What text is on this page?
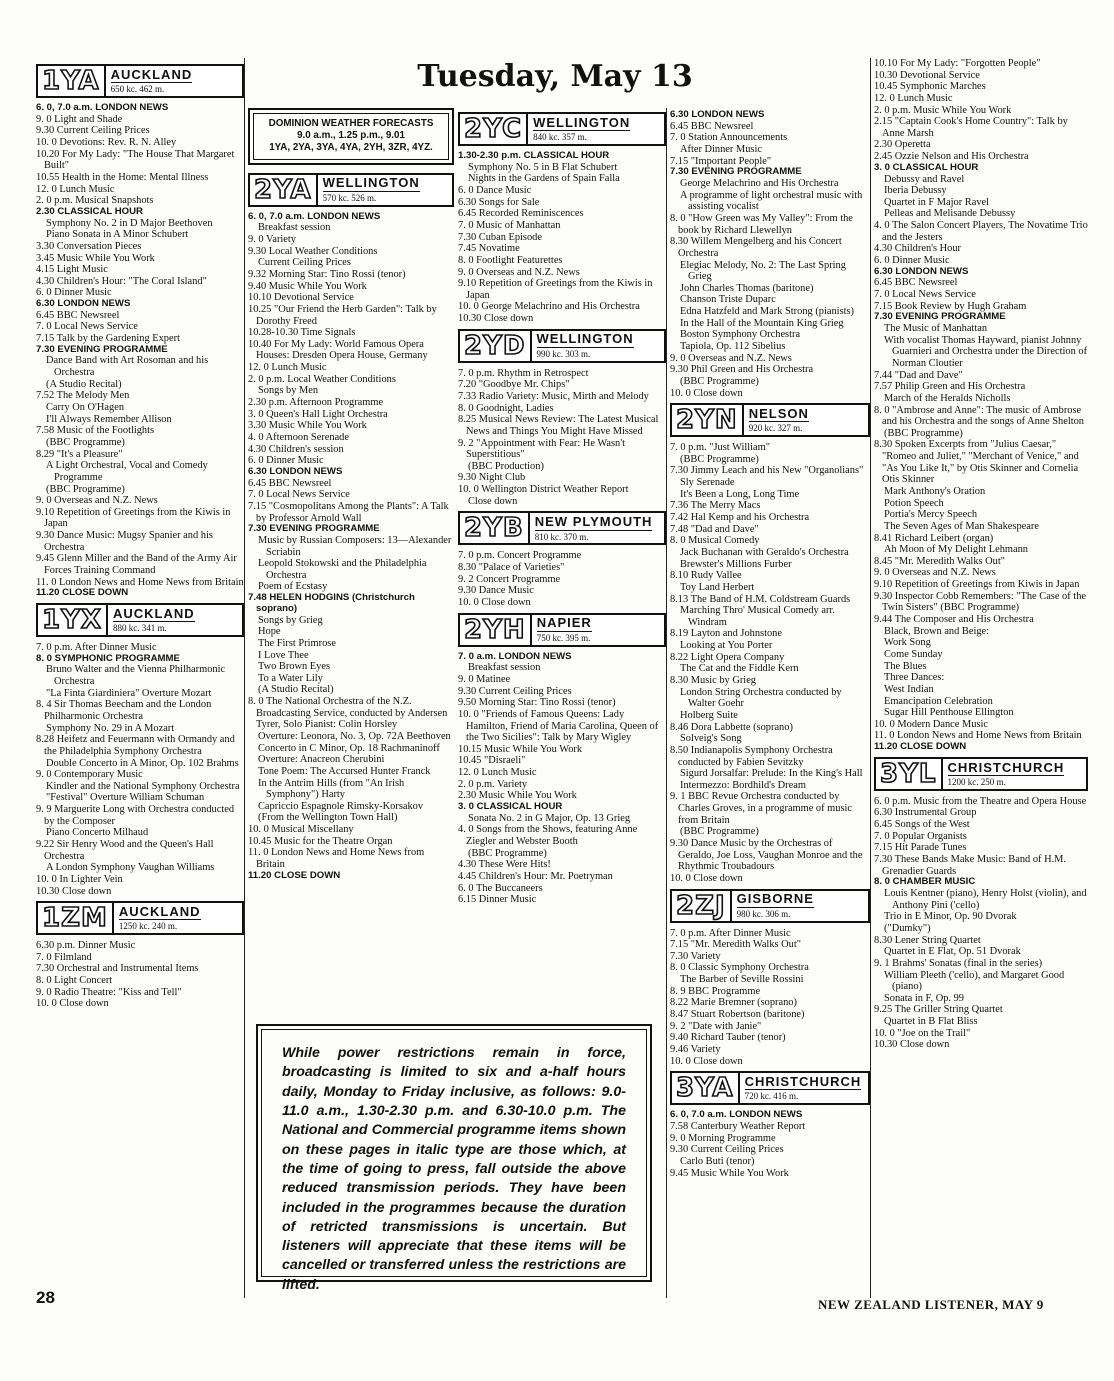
Tuesday, May 13
1YA AUCKLAND
650 kc. 462 m.

6. 0, 7.0 a.m. LONDON NEWS

9. 0 Light and Shade

9.30 Current Ceiling Prices

10. 0 Devotions: Rev. R. N. Alley

10.20 For My Lady: "The House That Margaret Built"

10.55 Health in the Home: Mental Illness

12. 0 Lunch Music

2. 0 p.m. Musical Snapshots

2.30 CLASSICAL HOUR

Symphony No. 2 in D Major Beethoven

Piano Sonata in A Minor Schubert

3.30 Conversation Pieces

3.45 Music While You Work

4.15 Light Music

4.30 Children's Hour: "The Coral Island"

6. 0 Dinner Music

6.30 LONDON NEWS

6.45 BBC Newsreel

7. 0 Local News Service

7.15 Talk by the Gardening Expert

7.30 EVENING PROGRAMME

Dance Band with Art Rosoman and his Orchestra

(A Studio Recital)

7.52 The Melody Men

Carry On O'Hagen

I'll Always Remember Allison

7.58 Music of the Footlights

(BBC Programme)

8.29 "It's a Pleasure"

A Light Orchestral, Vocal and Comedy Programme

(BBC Programme)

9. 0 Overseas and N.Z. News

9.10 Repetition of Greetings from the Kiwis in Japan

9.30 Dance Music: Mugsy Spanier and his Orchestra

9.45 Glenn Miller and the Band of the Army Air Forces Training Command

11. 0 London News and Home News from Britain

11.20 CLOSE DOWN

1YX AUCKLAND
880 kc. 341 m.

7. 0 p.m. After Dinner Music

8. 0 SYMPHONIC PROGRAMME

Bruno Walter and the Vienna Philharmonic Orchestra

"La Finta Giardiniera" Overture Mozart

8. 4 Sir Thomas Beecham and the London Philharmonic Orchestra

Symphony No. 29 in A Mozart

8.28 Heifetz and Feuermann with Ormandy and the Philadelphia Symphony Orchestra

Double Concerto in A Minor, Op. 102 Brahms

9. 0 Contemporary Music

Kindler and the National Symphony Orchestra

"Festival" Overture William Schuman

9. 9 Marguerite Long with Orchestra conducted by the Composer

Piano Concerto Milhaud

9.22 Sir Henry Wood and the Queen's Hall Orchestra

A London Symphony Vaughan Williams

10. 0 In Lighter Vein

10.30 Close down

1ZM AUCKLAND
1250 kc. 240 m.

6.30 p.m. Dinner Music

7. 0 Filmland

7.30 Orchestral and Instrumental Items

8. 0 Light Concert

9. 0 Radio Theatre: "Kiss and Tell"

10. 0 Close down

DOMINION WEATHER FORECASTS
9.0 a.m., 1.25 p.m., 9.01
1YA, 2YA, 3YA, 4YA, 2YH, 3ZR, 4YZ.
2YA WELLINGTON
570 kc. 526 m.

6. 0, 7.0 a.m. LONDON NEWS

Breakfast session

9. 0 Variety

9.30 Local Weather Conditions

Current Ceiling Prices

9.32 Morning Star: Tino Rossi (tenor)

9.40 Music While You Work

10.10 Devotional Service

10.25 "Our Friend the Herb Garden": Talk by Dorothy Freed

10.28-10.30 Time Signals

10.40 For My Lady: World Famous Opera Houses: Dresden Opera House, Germany

12. 0 Lunch Music

2. 0 p.m. Local Weather Conditions

Songs by Men

2.30 p.m. Afternoon Programme

3. 0 Queen's Hall Light Orchestra

3.30 Music While You Work

4. 0 Afternoon Serenade

4.30 Children's session

6. 0 Dinner Music

6.30 LONDON NEWS

6.45 BBC Newsreel

7. 0 Local News Service

7.15 "Cosmopolitans Among the Plants": A Talk by Professor Arnold Wall

7.30 EVENING PROGRAMME

Music by Russian Composers: 13—Alexander Scriabin

Leopold Stokowski and the Philadelphia Orchestra

Poem of Ecstasy

7.48 HELEN HODGINS (Christchurch soprano)

Songs by Grieg

Hope

The First Primrose

I Love Thee

Two Brown Eyes

To a Water Lily

(A Studio Recital)

8. 0 The National Orchestra of the N.Z. Broadcasting Service, conducted by Andersen Tyrer, Solo Pianist: Colin Horsley

Overture: Leonora, No. 3, Op. 72A Beethoven

Concerto in C Minor, Op. 18 Rachmaninoff

Overture: Anacreon Cherubini

Tone Poem: The Accursed Hunter Franck

In the Antrim Hills (from "An Irish Symphony") Harty

Capriccio Espagnole Rimsky-Korsakov

(From the Wellington Town Hall)

10. 0 Musical Miscellany

10.45 Music for the Theatre Organ

11. 0 London News and Home News from Britain

11.20 CLOSE DOWN

2YC WELLINGTON
840 kc. 357 m.

1.30-2.30 p.m. CLASSICAL HOUR

Symphony No. 5 in B Flat Schubert

Nights in the Gardens of Spain Falla

6. 0 Dance Music

6.30 Songs for Sale

6.45 Recorded Reminiscences

7. 0 Music of Manhattan

7.30 Cuban Episode

7.45 Novatime

8. 0 Footlight Featurettes

9. 0 Overseas and N.Z. News

9.10 Repetition of Greetings from the Kiwis in Japan

10. 0 George Melachrino and His Orchestra

10.30 Close down

2YD WELLINGTON
990 kc. 303 m.

7. 0 p.m. Rhythm in Retrospect

7.20 "Goodbye Mr. Chips"

7.33 Radio Variety: Music, Mirth and Melody

8. 0 Goodnight, Ladies

8.25 Musical News Review: The Latest Musical News and Things You Might Have Missed

9. 2 "Appointment with Fear: He Wasn't Superstitious"

(BBC Production)

9.30 Night Club

10. 0 Wellington District Weather Report

Close down

2YB NEW PLYMOUTH
810 kc. 370 m.

7. 0 p.m. Concert Programme

8.30 "Palace of Varieties"

9. 2 Concert Programme

9.30 Dance Music

10. 0 Close down

2YH NAPIER
750 kc. 395 m.

7. 0 a.m. LONDON NEWS

Breakfast session

9. 0 Matinee

9.30 Current Ceiling Prices

9.50 Morning Star: Tino Rossi (tenor)

10. 0 "Friends of Famous Queens: Lady Hamilton, Friend of Maria Carolina, Queen of the Two Sicilies": Talk by Mary Wigley

10.15 Music While You Work

10.45 "Disraeli"

12. 0 Lunch Music

2. 0 p.m. Variety

2.30 Music While You Work

3. 0 CLASSICAL HOUR

Sonata No. 2 in G Major, Op. 13 Grieg

4. 0 Songs from the Shows, featuring Anne Ziegler and Webster Booth

(BBC Programme)

4.30 These Were Hits!

4.45 Children's Hour: Mr. Poetryman

6. 0 The Buccaneers

6.15 Dinner Music

6.30 LONDON NEWS

6.45 BBC Newsreel

7. 0 Station Announcements

After Dinner Music

7.15 "Important People"

7.30 EVENING PROGRAMME

George Melachrino and His Orchestra

A programme of light orchestral music with assisting vocalist

8. 0 "How Green was My Valley": From the book by Richard Llewellyn

8.30 Willem Mengelberg and his Concert Orchestra

Elegiac Melody, No. 2: The Last Spring Grieg

John Charles Thomas (baritone)

Chanson Triste Duparc

Edna Hatzfeld and Mark Strong (pianists)

In the Hall of the Mountain King Grieg

Boston Symphony Orchestra

Tapiola, Op. 112 Sibelius

9. 0 Overseas and N.Z. News

9.30 Phil Green and His Orchestra

(BBC Programme)

10. 0 Close down

2YN NELSON
920 kc. 327 m.

7. 0 p.m. "Just William"

(BBC Programme)

7.30 Jimmy Leach and his New "Organolians"

Sly Serenade

It's Been a Long, Long Time

7.36 The Merry Macs

7.42 Hal Kemp and his Orchestra

7.48 "Dad and Dave"

8. 0 Musical Comedy

Jack Buchanan with Geraldo's Orchestra

Brewster's Millions Furber

8.10 Rudy Vallee

Toy Land Herbert

8.13 The Band of H.M. Coldstream Guards

Marching Thro' Musical Comedy arr. Windram

8.19 Layton and Johnstone

Looking at You Porter

8.22 Light Opera Company

The Cat and the Fiddle Kern

8.30 Music by Grieg

London String Orchestra conducted by Walter Goehr

Holberg Suite

8.46 Dora Labbette (soprano)

Solveig's Song

8.50 Indianapolis Symphony Orchestra conducted by Fabien Sevitzky

Sigurd Jorsalfar: Prelude: In the King's Hall

Intermezzo: Bordhild's Dream

9. 1 BBC Revue Orchestra conducted by Charles Groves, in a programme of music from Britain

(BBC Programme)

9.30 Dance Music by the Orchestras of Geraldo, Joe Loss, Vaughan Monroe and the Rhythmic Troubadours

10. 0 Close down

2ZJ GISBORNE
980 kc. 306 m.

7. 0 p.m. After Dinner Music

7.15 "Mr. Meredith Walks Out"

7.30 Variety

8. 0 Classic Symphony Orchestra

The Barber of Seville Rossini

8. 9 BBC Programme

8.22 Marie Bremner (soprano)

8.47 Stuart Robertson (baritone)

9. 2 "Date with Janie"

9.40 Richard Tauber (tenor)

9.46 Variety

10. 0 Close down

3YA CHRISTCHURCH
720 kc. 416 m.

6. 0, 7.0 a.m. LONDON NEWS

7.58 Canterbury Weather Report

9. 0 Morning Programme

9.30 Current Ceiling Prices

Carlo Buti (tenor)

9.45 Music While You Work

10.10 For My Lady: "Forgotten People"

10.30 Devotional Service

10.45 Symphonic Marches

12. 0 Lunch Music

2. 0 p.m. Music While You Work

2.15 "Captain Cook's Home Country": Talk by Anne Marsh

2.30 Operetta

2.45 Ozzie Nelson and His Orchestra

3. 0 CLASSICAL HOUR

Debussy and Ravel

Iberia Debussy

Quartet in F Major Ravel

Pelleas and Melisande Debussy

4. 0 The Salon Concert Players, The Novatime Trio and the Jesters

4.30 Children's Hour

6. 0 Dinner Music

6.30 LONDON NEWS

6.45 BBC Newsreel

7. 0 Local News Service

7.15 Book Review by Hugh Graham

7.30 EVENING PROGRAMME

The Music of Manhattan

With vocalist Thomas Hayward, pianist Johnny Guarnieri and Orchestra under the Direction of Norman Cloutier

7.44 "Dad and Dave"

7.57 Philip Green and His Orchestra

March of the Heralds Nicholls

8. 0 "Ambrose and Anne": The music of Ambrose and his Orchestra and the songs of Anne Shelton

(BBC Programme)

8.30 Spoken Excerpts from "Julius Caesar," "Romeo and Juliet," "Merchant of Venice," and "As You Like It," by Otis Skinner and Cornelia Otis Skinner

Mark Anthony's Oration

Potion Speech

Portia's Mercy Speech

The Seven Ages of Man Shakespeare

8.41 Richard Leibert (organ)

Ah Moon of My Delight Lehmann

8.45 "Mr. Meredith Walks Out"

9. 0 Overseas and N.Z. News

9.10 Repetition of Greetings from Kiwis in Japan

9.30 Inspector Cobb Remembers: "The Case of the Twin Sisters" (BBC Programme)

9.44 The Composer and His Orchestra

Black, Brown and Beige:

Work Song

Come Sunday

The Blues

Three Dances:

West Indian

Emancipation Celebration

Sugar Hill Penthouse Ellington

10. 0 Modern Dance Music

11. 0 London News and Home News from Britain

11.20 CLOSE DOWN

3YL CHRISTCHURCH
1200 kc. 250 m.

6. 0 p.m. Music from the Theatre and Opera House

6.30 Instrumental Group

6.45 Songs of the West

7. 0 Popular Organists

7.15 Hit Parade Tunes

7.30 These Bands Make Music: Band of H.M. Grenadier Guards

8. 0 CHAMBER MUSIC

Louis Kentner (piano), Henry Holst (violin), and Anthony Pini ('cello)

Trio in E Minor, Op. 90 Dvorak

("Dumky")

8.30 Lener String Quartet

Quartet in E Flat, Op. 51 Dvorak

9. 1 Brahms' Sonatas (final in the series)

William Pleeth ('cello), and Margaret Good (piano)

Sonata in F, Op. 99

9.25 The Griller String Quartet

Quartet in B Flat Bliss

10. 0 "Joe on the Trail"

10.30 Close down

While power restrictions remain in force, broadcasting is limited to six and a-half hours daily, Monday to Friday inclusive, as follows: 9.0-11.0 a.m., 1.30-2.30 p.m. and 6.30-10.0 p.m. The National and Commercial programme items shown on these pages in italic type are those which, at the time of going to press, fall outside the above reduced transmission periods. They have been included in the programmes because the duration of retricted transmissions is uncertain. But listeners will appreciate that these items will be cancelled or transferred unless the restrictions are lifted.
28	NEW ZEALAND LISTENER, MAY 9
